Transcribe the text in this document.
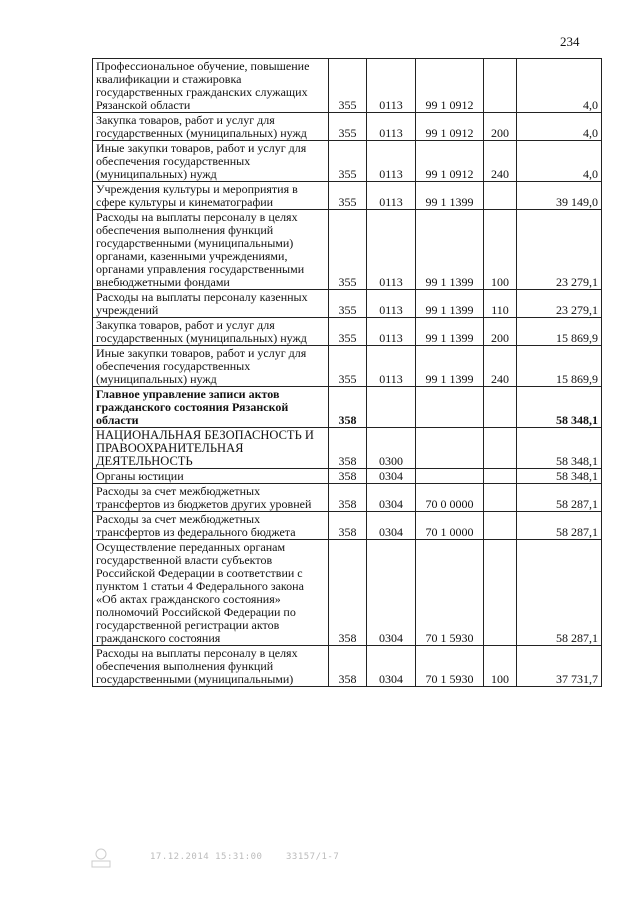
234
Профессиональное обучение, повышение квалификации и стажировка государственных гражданских служащих Рязанской области	355	0113	99 1 0912		4,0
Закупка товаров, работ и услуг для государственных (муниципальных) нужд	355	0113	99 1 0912	200	4,0
Иные закупки товаров, работ и услуг для обеспечения государственных (муниципальных) нужд	355	0113	99 1 0912	240	4,0
Учреждения культуры и мероприятия в сфере культуры и кинематографии	355	0113	99 1 1399		39 149,0
Расходы на выплаты персоналу в целях обеспечения выполнения функций государственными (муниципальными) органами, казенными учреждениями, органами управления государственными внебюджетными фондами	355	0113	99 1 1399	100	23 279,1
Расходы на выплаты персоналу казенных учреждений	355	0113	99 1 1399	110	23 279,1
Закупка товаров, работ и услуг для государственных (муниципальных) нужд	355	0113	99 1 1399	200	15 869,9
Иные закупки товаров, работ и услуг для обеспечения государственных (муниципальных) нужд	355	0113	99 1 1399	240	15 869,9
Главное управление записи актов гражданского состояния Рязанской области	358				58 348,1
НАЦИОНАЛЬНАЯ БЕЗОПАСНОСТЬ И ПРАВООХРАНИТЕЛЬНАЯ ДЕЯТЕЛЬНОСТЬ	358	0300			58 348,1
Органы юстиции	358	0304			58 348,1
Расходы за счет межбюджетных трансфертов из бюджетов других уровней	358	0304	70 0 0000		58 287,1
Расходы за счет межбюджетных трансфертов из федерального бюджета	358	0304	70 1 0000		58 287,1
Осуществление переданных органам государственной власти субъектов Российской Федерации в соответствии с пунктом 1 статьи 4 Федерального закона «Об актах гражданского состояния» полномочий Российской Федерации по государственной регистрации актов гражданского состояния	358	0304	70 1 5930		58 287,1
Расходы на выплаты персоналу в целях обеспечения выполнения функций государственными (муниципальными)	358	0304	70 1 5930	100	37 731,7
17.12.2014 15:31:00	33157/1-7
